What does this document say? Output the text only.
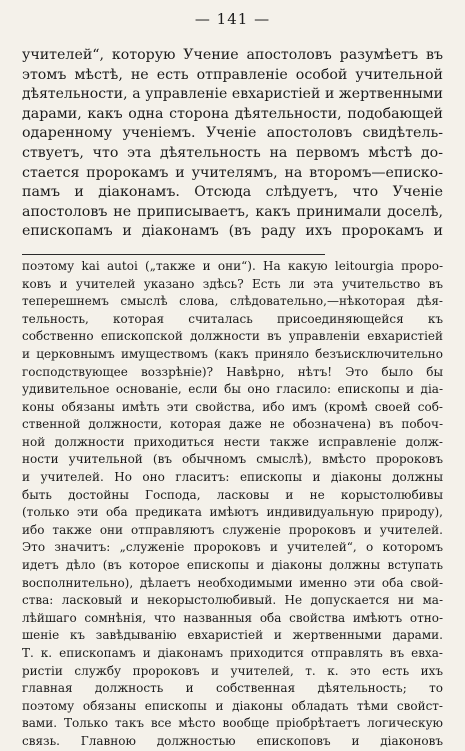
— 141 —
учителей“, которую Учение апостоловъ разумѣетъ въ
этомъ мѣстѣ, не есть отправленіе особой учительной
дѣятельности, а управленіе евхаристіей и жертвенными
дарами, какъ одна сторона дѣятельности, подобающей
одаренному ученіемъ. Ученіе апостоловъ свидѣтель-
ствуетъ, что эта дѣятельность на первомъ мѣстѣ до-
стается пророкамъ и учителямъ, на второмъ—еписко-
памъ и діаконамъ. Отсюда слѣдуетъ, что Ученіе
апостоловъ не приписываетъ, какъ принимали доселѣ,
епископамъ и діаконамъ (въ раду ихъ пророкамъ и
поэтому kai autoi („также и они“). На какую leitourgia проро-
ковъ и учителей указано здѣсь? Есть ли эта учительство въ
теперешнемъ смыслѣ слова, слѣдовательно,—нѣкоторая дѣя-
тельность, которая считалась присоединяющейся къ
собственно епископской должности въ управленіи евхаристіей
и церковнымъ имуществомъ (какъ приняло безъисключительно
господствующее воззрѣніе)? Навѣрно, нѣтъ! Это было бы
удивительное основаніе, если бы оно гласило: епископы и діа-
коны обязаны имѣть эти свойства, ибо имъ (кромѣ своей соб-
ственной должности, которая даже не обозначена) въ побоч-
ной должности приходиться нести также исправленіе долж-
ности учительной (въ обычномъ смыслѣ), вмѣсто пророковъ
и учителей. Но оно гласитъ: епископы и діаконы должны
быть достойны Господа, ласковы и не корыстолюбивы
(только эти оба предиката имѣютъ индивидуальную природу),
ибо также они отправляютъ служеніе пророковъ и учителей.
Это значитъ: „служеніе пророковъ и учителей“, о которомъ
идетъ дѣло (въ которое епископы и діаконы должны вступать
восполнительно), дѣлаетъ необходимыми именно эти оба свой-
ства: ласковый и некорыстолюбивый. Не допускается ни ма-
лѣйшаго сомнѣнія, что названныя оба свойства имѣютъ отно-
шеніе къ завѣдыванію евхаристіей и жертвенными дарами.
Т. к. епископамъ и діаконамъ приходится отправлять въ евха-
ристіи службу пророковъ и учителей, т. к. это есть ихъ
главная должность и собственная дѣятельность; то
поэтому обязаны епископы и діаконы обладать тѣми свойст-
вами. Только такъ все мѣсто вообще пріобрѣтаетъ логическую
связь. Главною должностью епископовъ и діаконовъ
